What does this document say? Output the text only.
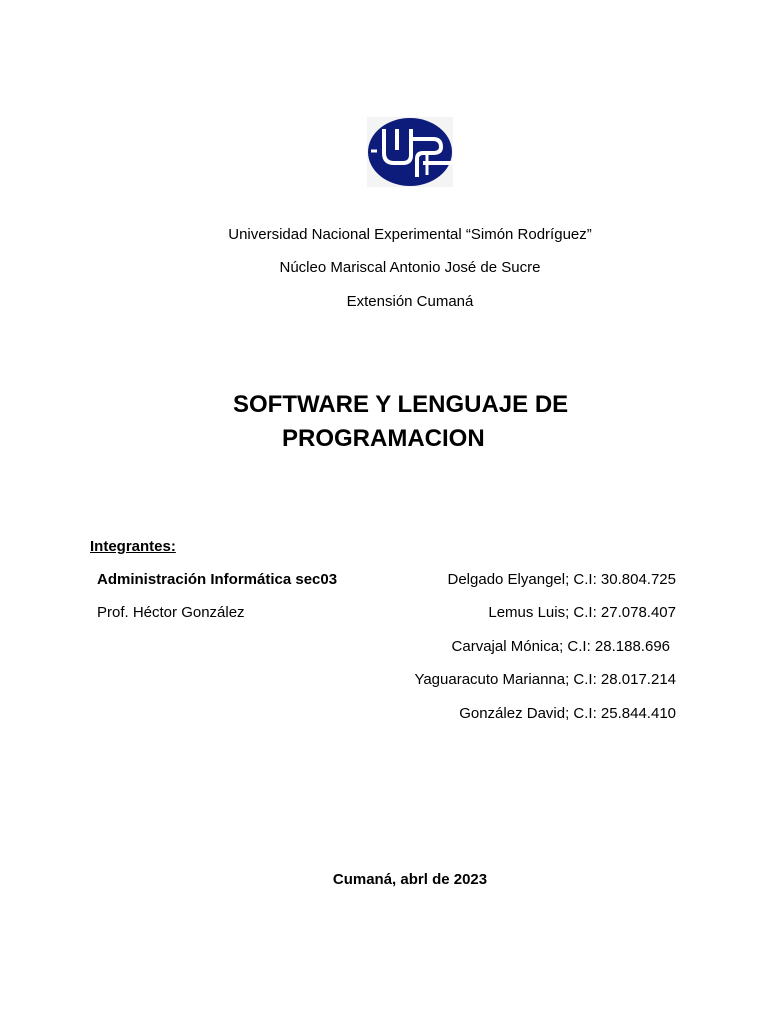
Universidad Nacional Experimental “Simón Rodríguez”
Núcleo Mariscal Antonio José de Sucre
Extensión Cumaná
SOFTWARE Y LENGUAJE DE
PROGRAMACION
Integrantes:
Administración Informática sec03
Prof. Héctor González
Delgado Elyangel; C.I: 30.804.725
Lemus Luis; C.I: 27.078.407
Carvajal Mónica; C.I: 28.188.696
Yaguaracuto Marianna; C.I: 28.017.214
González David; C.I: 25.844.410
Cumaná, abrl de 2023
